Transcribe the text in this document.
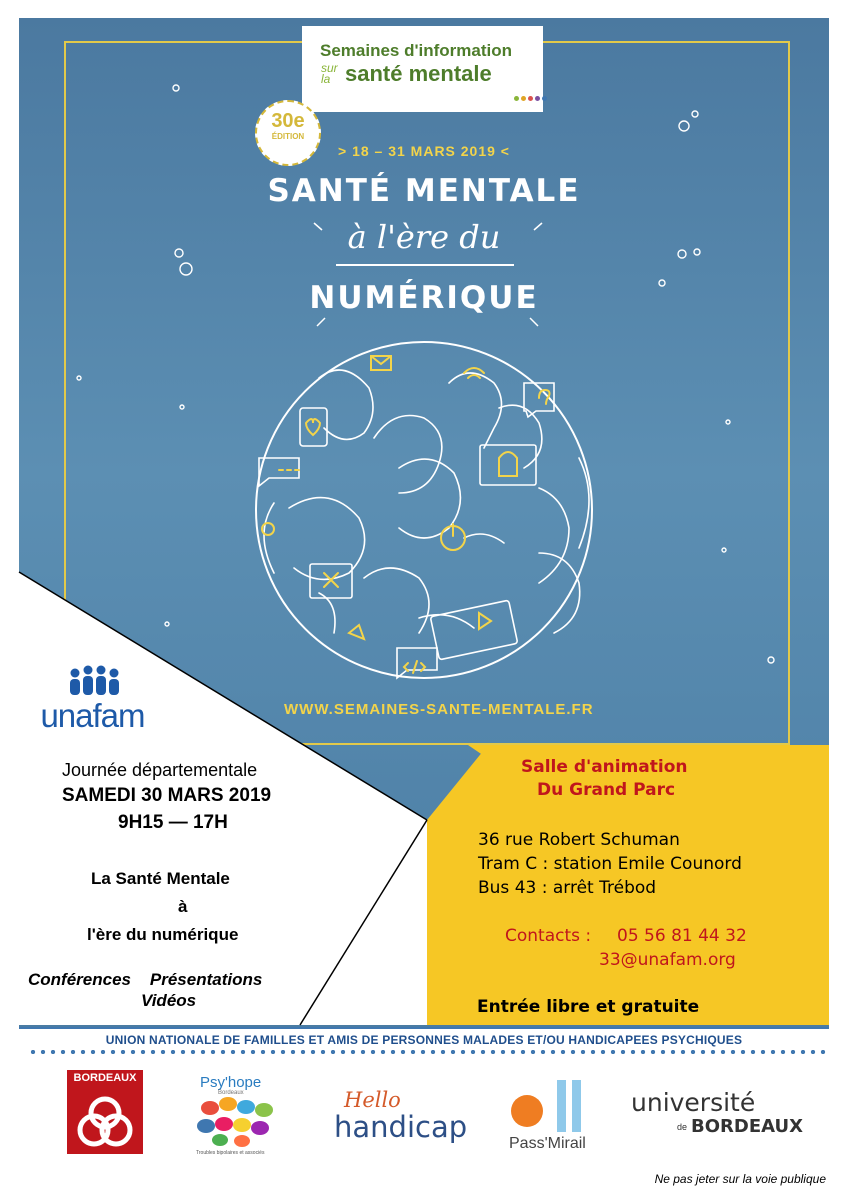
Semaines d'information
sur
la santé mentale
30e
ÉDITION
> 18 – 31 MARS 2019 <
SANTÉ MENTALE
à l'ère du
NUMÉRIQUE
WWW.SEMAINES-SANTE-MENTALE.FR
unafam
Journée départementale
SAMEDI 30 MARS 2019
9H15 — 17H
La Santé Mentale
à
l'ère du numérique
Conférences    Présentations
Vidéos
Salle d'animation
Du Grand Parc
36 rue Robert Schuman
Tram C : station Emile Counord
Bus 43 : arrêt Trébod
Contacts : 05 56 81 44 32
33@unafam.org
Entrée libre et gratuite
UNION NATIONALE DE FAMILLES ET AMIS DE PERSONNES MALADES ET/OU HANDICAPEES PSYCHIQUES
BORDEAUX	Psy'hope
Bordeaux
Troubles bipolaires et associés
Hello
handicap	Pass'Mirail
université
de BORDEAUX
Ne pas jeter sur la voie publique
